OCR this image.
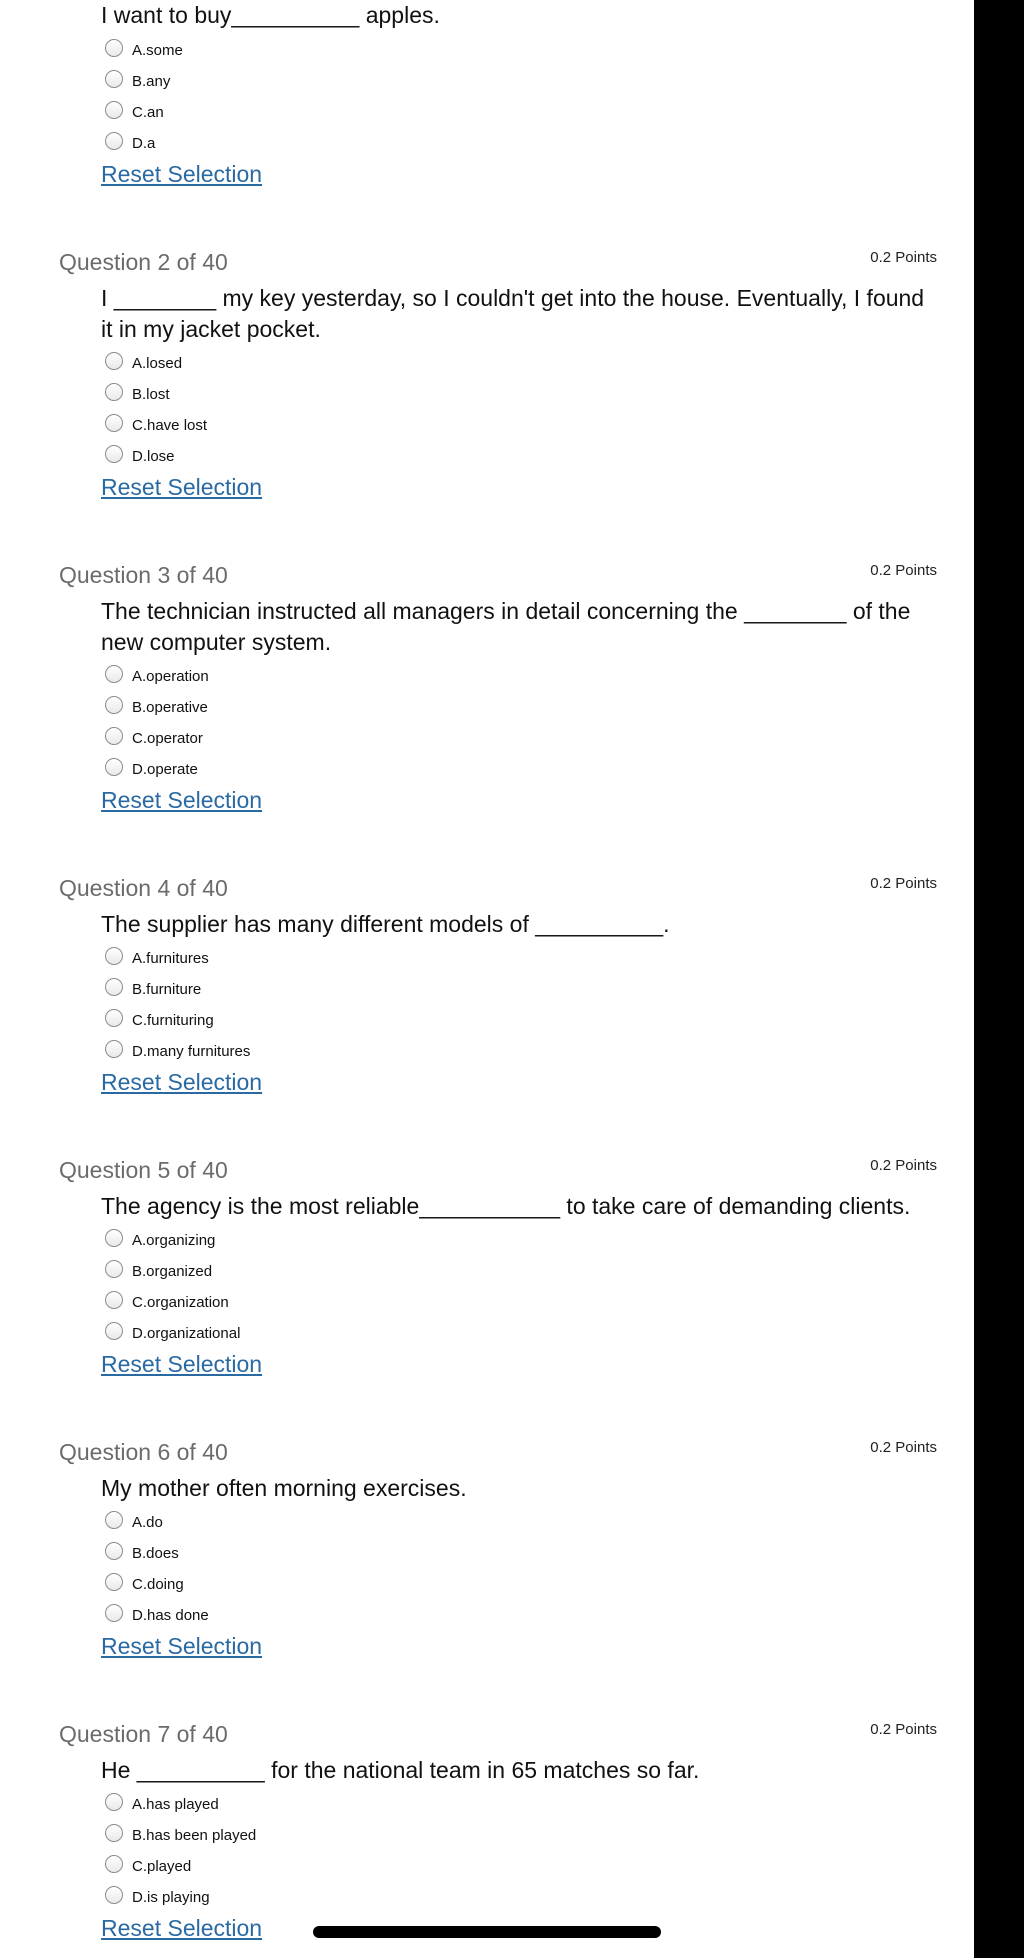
I want to buy__________ apples.
A.some
B.any
C.an
D.a
Reset Selection
Question 2 of 40	0.2 Points
I ________ my key yesterday, so I couldn't get into the house. Eventually, I found it in my jacket pocket.
A.losed
B.lost
C.have lost
D.lose
Reset Selection
Question 3 of 40	0.2 Points
The technician instructed all managers in detail concerning the ________ of the new computer system.
A.operation
B.operative
C.operator
D.operate
Reset Selection
Question 4 of 40	0.2 Points
The supplier has many different models of __________.
A.furnitures
B.furniture
C.furnituring
D.many furnitures
Reset Selection
Question 5 of 40	0.2 Points
The agency is the most reliable___________ to take care of demanding clients.
A.organizing
B.organized
C.organization
D.organizational
Reset Selection
Question 6 of 40	0.2 Points
My mother often morning exercises.
A.do
B.does
C.doing
D.has done
Reset Selection
Question 7 of 40	0.2 Points
He __________ for the national team in 65 matches so far.
A.has played
B.has been played
C.played
D.is playing
Reset Selection
